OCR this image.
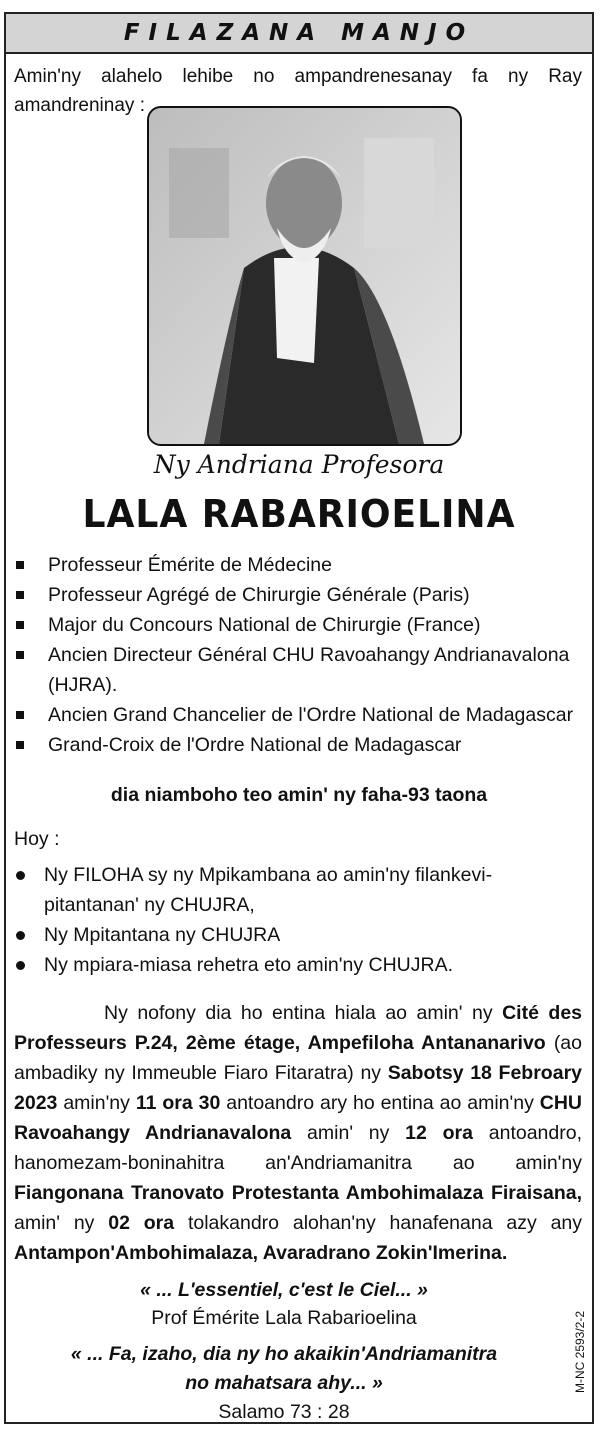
FILAZANA MANJO
Amin'ny alahelo lehibe no ampandrenesanay fa ny Ray amandreninay :
Ny Andriana Profesora
LALA RABARIOELINA
Professeur Émérite de Médecine
Professeur Agrégé de Chirurgie Générale (Paris)
Major du Concours National de Chirurgie (France)
Ancien Directeur Général CHU Ravoahangy Andrianavalona (HJRA).
Ancien Grand Chancelier de l'Ordre National de Madagascar
Grand-Croix de l'Ordre National de Madagascar
dia niamboho teo amin' ny faha-93 taona
Hoy :
Ny FILOHA sy ny Mpikambana ao amin'ny filankevi-pitantanan' ny CHUJRA,
Ny Mpitantana ny CHUJRA
Ny mpiara-miasa rehetra eto amin'ny CHUJRA.
Ny nofony dia ho entina hiala ao amin' ny Cité des Professeurs P.24, 2ème étage, Ampefiloha Antananarivo (ao ambadiky ny Immeuble Fiaro Fitaratra) ny Sabotsy 18 Febroary 2023 amin'ny 11 ora 30 antoandro ary ho entina ao amin'ny CHU Ravoahangy Andrianavalona amin' ny 12 ora antoandro, hanomezam-boninahitra an'Andriamanitra ao amin'ny Fiangonana Tranovato Protestanta Ambohimalaza Firaisana, amin' ny 02 ora tolakandro alohan'ny hanafenana azy any Antampon'Ambohimalaza, Avaradrano Zokin'Imerina.
« ... L'essentiel, c'est le Ciel... »
Prof Émérite Lala Rabarioelina
« ... Fa, izaho, dia ny ho akaikin'Andriamanitra
no mahatsara ahy... »
Salamo 73 : 28
M-NC 2593/2-2
